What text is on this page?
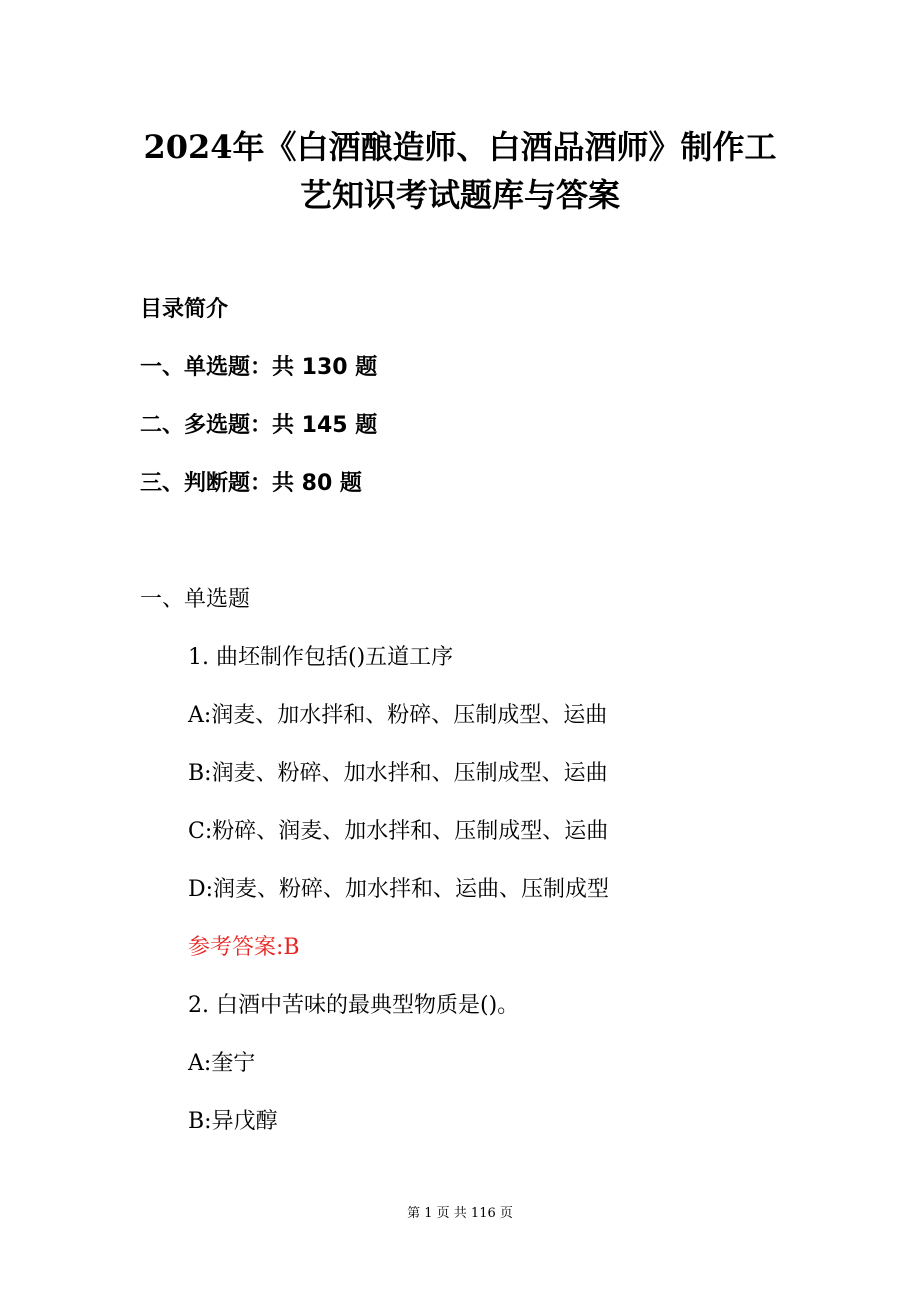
2024年《白酒酿造师、白酒品酒师》制作工
艺知识考试题库与答案
目录简介
一、单选题：共 130 题
二、多选题：共 145 题
三、判断题：共 80 题
一、单选题
1. 曲坯制作包括()五道工序
A:润麦、加水拌和、粉碎、压制成型、运曲
B:润麦、粉碎、加水拌和、压制成型、运曲
C:粉碎、润麦、加水拌和、压制成型、运曲
D:润麦、粉碎、加水拌和、运曲、压制成型
参考答案:B
2. 白酒中苦味的最典型物质是()。
A:奎宁
B:异戊醇
第 1 页 共 116 页
